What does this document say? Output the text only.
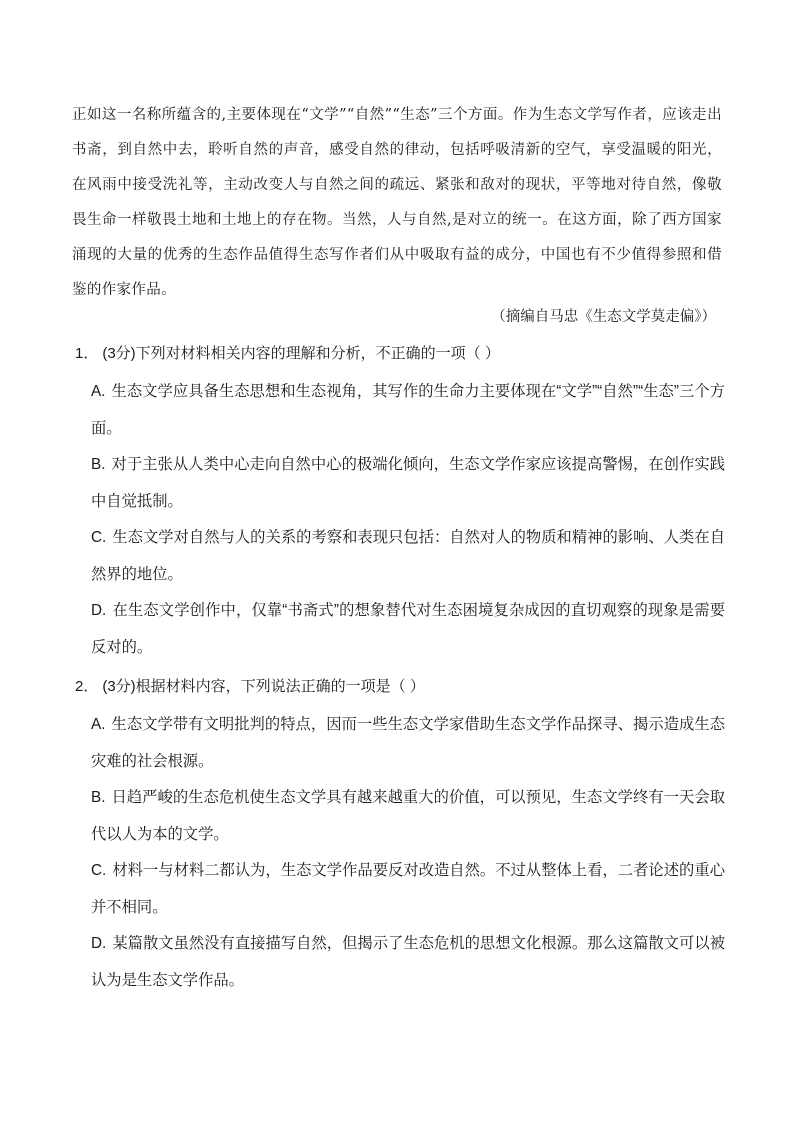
正如这一名称所蕴含的,主要体现在“文学”“自然”“生态”三个方面。作为生态文学写作者，应该走出书斋，到自然中去，聆听自然的声音，感受自然的律动，包括呼吸清新的空气，享受温暖的阳光，在风雨中接受洗礼等，主动改变人与自然之间的疏远、紧张和敌对的现状，平等地对待自然，像敬畏生命一样敬畏土地和土地上的存在物。当然，人与自然,是对立的统一。在这方面，除了西方国家涌现的大量的优秀的生态作品值得生态写作者们从中吸取有益的成分，中国也有不少值得参照和借鉴的作家作品。

（摘编自马忠《生态文学莫走偏》）

1． (3分)下列对材料相关内容的理解和分析，不正确的一项（ ）

A. 生态文学应具备生态思想和生态视角，其写作的生命力主要体现在“文学”“自然”“生态”三个方面。
B. 对于主张从人类中心走向自然中心的极端化倾向，生态文学作家应该提高警惕，在创作实践中自觉抵制。
C. 生态文学对自然与人的关系的考察和表现只包括：自然对人的物质和精神的影响、人类在自然界的地位。
D. 在生态文学创作中，仅靠“书斋式”的想象替代对生态困境复杂成因的直切观察的现象是需要反对的。

2． (3分)根据材料内容，下列说法正确的一项是（ ）

A. 生态文学带有文明批判的特点，因而一些生态文学家借助生态文学作品探寻、揭示造成生态灾难的社会根源。
B. 日趋严峻的生态危机使生态文学具有越来越重大的价值，可以预见，生态文学终有一天会取代以人为本的文学。
C. 材料一与材料二都认为，生态文学作品要反对改造自然。不过从整体上看，二者论述的重心并不相同。
D. 某篇散文虽然没有直接描写自然，但揭示了生态危机的思想文化根源。那么这篇散文可以被认为是生态文学作品。
